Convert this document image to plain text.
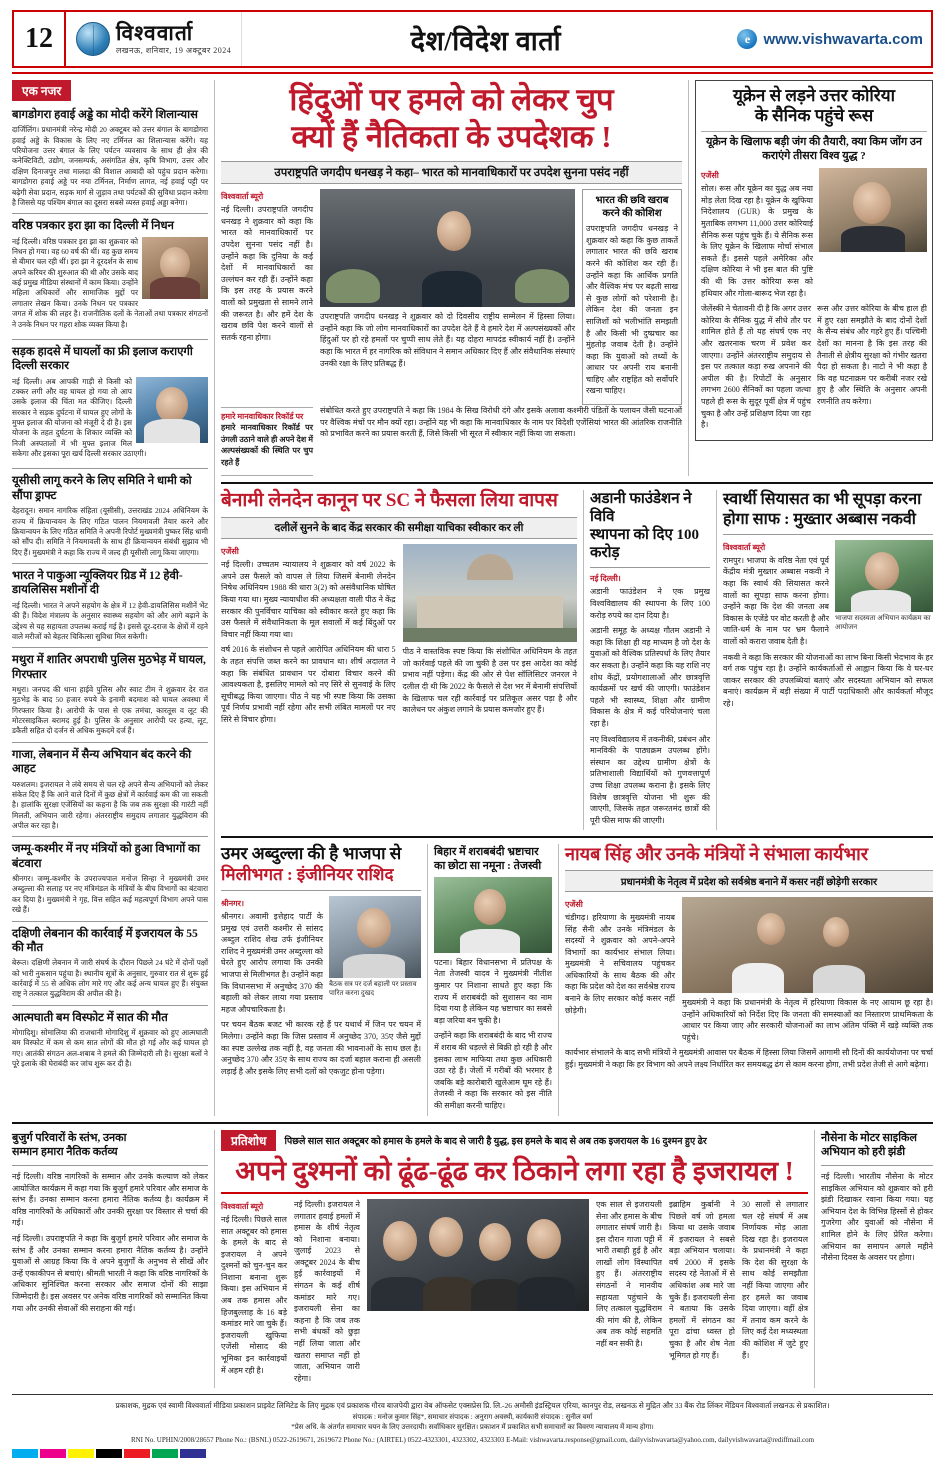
12	विश्ववार्ता
लखनऊ, शनिवार, 19 अक्टूबर 2024	देश/विदेश वार्ता	e www.vishwavarta.com
एक नजर
बागडोगरा हवाई अड्डे का मोदी करेंगे शिलान्यास

दार्जिलिंग। प्रधानमंत्री नरेन्द्र मोदी 20 अक्टूबर को उत्तर बंगाल के बागडोगरा हवाई अड्डे के विकास के लिए नए टर्मिनल का शिलान्यास करेंगे। यह परियोजना उत्तर बंगाल के लिए पर्यटन व्यवसाय के साथ ही क्षेत्र की कनेक्टिविटी, उद्योग, जनसम्पर्क, असंगठित क्षेत्र, कृषि विभाग, उत्तर और दक्षिण दिनाजपुर तथा मालदा की विशाल आबादी को पहुंच प्रदान करेगा। बागडोगरा हवाई अड्डे पर नया टर्मिनल, निर्माण लागत, नई हवाई पट्टी पर बढ़ेगी सेवा प्रदान, सड़क मार्ग से जुड़ाव तथा पर्यटकों की सुविधा प्रदान करेगा है जिससे यह पश्चिम बंगाल का दूसरा सबसे व्यस्त हवाई अड्डा बनेगा।

वरिष्ठ पत्रकार इरा झा का दिल्ली में निधन

नई दिल्ली। वरिष्ठ पत्रकार इरा झा का शुक्रवार को निधन हो गया। वह 60 वर्ष की थीं। वह कुछ समय से बीमार चल रही थीं। इरा झा ने दूरदर्शन के साथ अपने करियर की शुरुआत की थी और उसके बाद कई प्रमुख मीडिया संस्थानों में काम किया। उन्होंने महिला अधिकारों और सामाजिक मुद्दों पर लगातार लेखन किया। उनके निधन पर पत्रकार जगत में शोक की लहर है। राजनीतिक दलों के नेताओं तथा पत्रकार संगठनों ने उनके निधन पर गहरा शोक व्यक्त किया है।

सड़क हादसे में घायलों का फ्री इलाज कराएगी दिल्ली सरकार

नई दिल्ली। अब आपकी गाड़ी से किसी को टक्कर लगी और वह घायल हो गया तो आप उसके इलाज की चिंता मत कीजिए। दिल्ली सरकार ने सड़क दुर्घटना में घायल हुए लोगों के मुफ्त इलाज की योजना को मंजूरी दे दी है। इस योजना के तहत दुर्घटना के शिकार व्यक्ति को निजी अस्पतालों में भी मुफ्त इलाज मिल सकेगा और इसका पूरा खर्च दिल्ली सरकार उठाएगी।

यूसीसी लागू करने के लिए समिति ने धामी को सौंपा ड्राफ्ट

देहरादून। समान नागरिक संहिता (यूसीसी), उत्तराखंड 2024 अधिनियम के राज्य में क्रियान्वयन के लिए गठित पालन नियमावली तैयार करने और क्रियान्वयन के लिए गठित समिति ने अपनी रिपोर्ट मुख्यमंत्री पुष्कर सिंह धामी को सौंप दी। समिति ने नियमावली के साथ ही क्रियान्वयन संबंधी सुझाव भी दिए हैं। मुख्यमंत्री ने कहा कि राज्य में जल्द ही यूसीसी लागू किया जाएगा।

भारत ने पाकुआ न्यूक्लियर ग्रिड में 12 हेवी-डायलिसिस मशीनों दी

नई दिल्ली। भारत ने अपने सहयोग के क्षेत्र में 12 हेवी-डायलिसिस मशीनें भेंट की हैं। विदेश मंत्रालय के अनुसार स्वास्थ्य सहयोग को और आगे बढ़ाने के उद्देश्य से यह सहायता उपलब्ध कराई गई है। इससे दूर-दराज के क्षेत्रों में रहने वाले मरीजों को बेहतर चिकित्सा सुविधा मिल सकेगी।

मथुरा में शातिर अपराधी पुलिस मुठभेड़ में घायल, गिरफ्तार

मथुरा। जनपद की थाना हाईवे पुलिस और स्वाट टीम ने शुक्रवार देर रात मुठभेड़ के बाद 50 हजार रुपये के इनामी बदमाश को घायल अवस्था में गिरफ्तार किया है। आरोपी के पास से एक तमंचा, कारतूस व लूट की मोटरसाइकिल बरामद हुई है। पुलिस के अनुसार आरोपी पर हत्या, लूट, डकैती सहित दो दर्जन से अधिक मुकदमे दर्ज हैं।

गाजा, लेबनान में सैन्य अभियान बंद करने की आहट

यरुशलम। इजरायल ने लंबे समय से चल रहे अपने सैन्य अभियानों को लेकर संकेत दिए हैं कि आने वाले दिनों में कुछ क्षेत्रों में कार्रवाई कम की जा सकती है। हालांकि सुरक्षा एजेंसियों का कहना है कि जब तक सुरक्षा की गारंटी नहीं मिलती, अभियान जारी रहेगा। अंतरराष्ट्रीय समुदाय लगातार युद्धविराम की अपील कर रहा है।

जम्मू-कश्मीर में नए मंत्रियों को हुआ विभागों का बंटवारा

श्रीनगर। जम्मू-कश्मीर के उपराज्यपाल मनोज सिन्हा ने मुख्यमंत्री उमर अब्दुल्ला की सलाह पर नए मंत्रिमंडल के मंत्रियों के बीच विभागों का बंटवारा कर दिया है। मुख्यमंत्री ने गृह, वित्त सहित कई महत्वपूर्ण विभाग अपने पास रखे हैं।

दक्षिणी लेबनान की कार्रवाई में इजरायल के 55 की मौत

बेरूत। दक्षिणी लेबनान में जारी संघर्ष के दौरान पिछले 24 घंटे में दोनों पक्षों को भारी नुकसान पहुंचा है। स्थानीय सूत्रों के अनुसार, गुरुवार रात से शुरू हुई कार्रवाई में 55 से अधिक लोग मारे गए और कई अन्य घायल हुए हैं। संयुक्त राष्ट्र ने तत्काल युद्धविराम की अपील की है।

आत्मघाती बम विस्फोट में सात की मौत

मोगादिशु। सोमालिया की राजधानी मोगादिशु में शुक्रवार को हुए आत्मघाती बम विस्फोट में कम से कम सात लोगों की मौत हो गई और कई घायल हो गए। आतंकी संगठन अल-शबाब ने हमले की जिम्मेदारी ली है। सुरक्षा बलों ने पूरे इलाके की घेराबंदी कर जांच शुरू कर दी है।

हिंदुओं पर हमले को लेकर चुप
क्यों हैं नैतिकता के उपदेशक !
उपराष्ट्रपति जगदीप धनखड़ ने कहा– भारत को मानवाधिकारों पर उपदेश सुनना पसंद नहीं
विश्ववार्ता ब्यूरो

नई दिल्ली। उपराष्ट्रपति जगदीप धनखड़ ने शुक्रवार को कहा कि भारत को मानवाधिकारों पर उपदेश सुनना पसंद नहीं है। उन्होंने कहा कि दुनिया के कई देशों में मानवाधिकारों का उल्लंघन कर रही हैं। उन्होंने कहा कि इस तरह के प्रयास करने वालों को प्रमुखता से सामने लाने की जरूरत है। और हमें देश के खराब छवि पेश करने वालों से सतर्क रहना होगा।

उपराष्ट्रपति जगदीप धनखड़ ने शुक्रवार को दो दिवसीय राष्ट्रीय सम्मेलन में हिस्सा लिया। उन्होंने कहा कि जो लोग मानवाधिकारों का उपदेश देते हैं वे हमारे देश में अल्पसंख्यकों और हिंदुओं पर हो रहे हमलों पर चुप्पी साध लेते हैं। यह दोहरा मापदंड स्वीकार्य नहीं है। उन्होंने कहा कि भारत में हर नागरिक को संविधान ने समान अधिकार दिए हैं और संवैधानिक संस्थाएं उनकी रक्षा के लिए प्रतिबद्ध हैं।

भारत की छवि खराब करने की कोशिश

उपराष्ट्रपति जगदीप धनखड़ ने शुक्रवार को कहा कि कुछ ताकतें लगातार भारत की छवि खराब करने की कोशिश कर रही हैं। उन्होंने कहा कि आर्थिक प्रगति और वैश्विक मंच पर बढ़ती साख से कुछ लोगों को परेशानी है। लेकिन देश की जनता इन साजिशों को भलीभांति समझती है और किसी भी दुष्प्रचार का मुंहतोड़ जवाब देती है। उन्होंने कहा कि युवाओं को तथ्यों के आधार पर अपनी राय बनानी चाहिए और राष्ट्रहित को सर्वोपरि रखना चाहिए।

हमारे मानवाधिकार रिकॉर्ड पर

हमारे मानवाधिकार रिकॉर्ड पर उंगली उठाने वाले ही अपने देश में अल्पसंख्यकों की स्थिति पर चुप रहते हैं

संबोधित करते हुए उपराष्ट्रपति ने कहा कि 1984 के सिख विरोधी दंगे और इसके अलावा कश्मीरी पंडितों के पलायन जैसी घटनाओं पर वैश्विक मंचों पर मौन क्यों रहा। उन्होंने यह भी कहा कि मानवाधिकार के नाम पर विदेशी एजेंसियां भारत की आंतरिक राजनीति को प्रभावित करने का प्रयास करती हैं, जिसे किसी भी सूरत में स्वीकार नहीं किया जा सकता।

यूक्रेन से लड़ने उत्तर कोरिया
के सैनिक पहुंचे रूस
यूक्रेन के खिलाफ बड़ी जंग की तैयारी, क्या किम जोंग उन कराएंगे तीसरा विश्व युद्ध ?
एजेंसी

सोल। रूस और यूक्रेन का युद्ध अब नया मोड़ लेता दिख रहा है। यूक्रेन के खुफिया निदेशालय (GUR) के प्रमुख के मुताबिक लगभग 11,000 उत्तर कोरियाई सैनिक रूस पहुंच चुके हैं। ये सैनिक रूस के लिए यूक्रेन के खिलाफ मोर्चा संभाल सकते हैं। इससे पहले अमेरिका और दक्षिण कोरिया ने भी इस बात की पुष्टि की थी कि उत्तर कोरिया रूस को हथियार और गोला-बारूद भेज रहा है।

जेलेंस्की ने चेतावनी दी है कि अगर उत्तर कोरिया के सैनिक युद्ध में सीधे तौर पर शामिल होते हैं तो यह संघर्ष एक नए और खतरनाक चरण में प्रवेश कर जाएगा। उन्होंने अंतरराष्ट्रीय समुदाय से इस पर तत्काल कड़ा रुख अपनाने की अपील की है। रिपोर्टों के अनुसार लगभग 2600 सैनिकों का पहला जत्था पहले ही रूस के सुदूर पूर्वी क्षेत्र में पहुंच चुका है और उन्हें प्रशिक्षण दिया जा रहा है।

रूस और उत्तर कोरिया के बीच हाल ही में हुए रक्षा समझौते के बाद दोनों देशों के सैन्य संबंध और गहरे हुए हैं। पश्चिमी देशों का मानना है कि इस तरह की तैनाती से क्षेत्रीय सुरक्षा को गंभीर खतरा पैदा हो सकता है। नाटो ने भी कहा है कि वह घटनाक्रम पर करीबी नजर रखे हुए है और स्थिति के अनुसार अपनी रणनीति तय करेगा।

बेनामी लेनदेन कानून पर SC ने फैसला लिया वापस
दलीलें सुनने के बाद केंद्र सरकार की समीक्षा याचिका स्वीकार कर ली
एजेंसी

नई दिल्ली। उच्चतम न्यायालय ने शुक्रवार को वर्ष 2022 के अपने उस फैसले को वापस ले लिया जिसमें बेनामी लेनदेन निषेध अधिनियम 1988 की धारा 3(2) को असंवैधानिक घोषित किया गया था। मुख्य न्यायाधीश की अध्यक्षता वाली पीठ ने केंद्र सरकार की पुनर्विचार याचिका को स्वीकार करते हुए कहा कि उस फैसले में संवैधानिकता के मूल सवालों में कई बिंदुओं पर विचार नहीं किया गया था।

वर्ष 2016 के संशोधन से पहले आरोपित अधिनियम की धारा 5 के तहत संपत्ति जब्त करने का प्रावधान था। शीर्ष अदालत ने कहा कि संबंधित प्रावधान पर दोबारा विचार करने की आवश्यकता है, इसलिए मामले को नए सिरे से सुनवाई के लिए सूचीबद्ध किया जाएगा। पीठ ने यह भी स्पष्ट किया कि उसका पूर्व निर्णय प्रभावी नहीं रहेगा और सभी लंबित मामलों पर नए सिरे से विचार होगा।

पीठ ने वास्तविक स्पष्ट किया कि संशोधित अधिनियम के तहत जो कार्रवाई पहले की जा चुकी है उस पर इस आदेश का कोई प्रभाव नहीं पड़ेगा। केंद्र की ओर से पेश सॉलिसिटर जनरल ने दलील दी थी कि 2022 के फैसले से देश भर में बेनामी संपत्तियों के खिलाफ चल रही कार्रवाई पर प्रतिकूल असर पड़ा है और कालेधन पर अंकुश लगाने के प्रयास कमजोर हुए हैं।

अडानी फाउंडेशन ने विवि
स्थापना को दिए 100 करोड़
नई दिल्ली।

अडानी फाउंडेशन ने एक प्रमुख विश्वविद्यालय की स्थापना के लिए 100 करोड़ रुपये का दान दिया है।

अडानी समूह के अध्यक्ष गौतम अडानी ने कहा कि शिक्षा ही वह माध्यम है जो देश के युवाओं को वैश्विक प्रतिस्पर्धा के लिए तैयार कर सकता है। उन्होंने कहा कि यह राशि नए शोध केंद्रों, प्रयोगशालाओं और छात्रवृत्ति कार्यक्रमों पर खर्च की जाएगी। फाउंडेशन पहले भी स्वास्थ्य, शिक्षा और ग्रामीण विकास के क्षेत्र में कई परियोजनाएं चला रहा है।

नए विश्वविद्यालय में तकनीकी, प्रबंधन और मानविकी के पाठ्यक्रम उपलब्ध होंगे। संस्थान का उद्देश्य ग्रामीण क्षेत्रों के प्रतिभाशाली विद्यार्थियों को गुणवत्तापूर्ण उच्च शिक्षा उपलब्ध कराना है। इसके लिए विशेष छात्रवृत्ति योजना भी शुरू की जाएगी, जिसके तहत जरूरतमंद छात्रों की पूरी फीस माफ की जाएगी।

स्वार्थी सियासत का भी सूपड़ा करना
होगा साफ : मुख्तार अब्बास नकवी
विश्ववार्ता ब्यूरो

रामपुर। भाजपा के वरिष्ठ नेता एवं पूर्व केंद्रीय मंत्री मुख्तार अब्बास नकवी ने कहा कि स्वार्थ की सियासत करने वालों का सूपड़ा साफ करना होगा। उन्होंने कहा कि देश की जनता अब विकास के एजेंडे पर वोट करती है और जाति-धर्म के नाम पर भ्रम फैलाने वालों को करारा जवाब देती है।

भाजपा सदस्यता अभियान कार्यक्रम का आयोजन

नकवी ने कहा कि सरकार की योजनाओं का लाभ बिना किसी भेदभाव के हर वर्ग तक पहुंच रहा है। उन्होंने कार्यकर्ताओं से आह्वान किया कि वे घर-घर जाकर सरकार की उपलब्धियां बताएं और सदस्यता अभियान को सफल बनाएं। कार्यक्रम में बड़ी संख्या में पार्टी पदाधिकारी और कार्यकर्ता मौजूद रहे।

उमर अब्दुल्ला की है भाजपा से
मिलीभगत : इंजीनियर राशिद
श्रीनगर।

श्रीनगर। अवामी इत्तेहाद पार्टी के प्रमुख एवं उत्तरी कश्मीर से सांसद अब्दुल राशिद शेख उर्फ इंजीनियर राशिद ने मुख्यमंत्री उमर अब्दुल्ला को घेरते हुए आरोप लगाया कि उनकी भाजपा से मिलीभगत है। उन्होंने कहा कि विधानसभा में अनुच्छेद 370 की बहाली को लेकर लाया गया प्रस्ताव महज औपचारिकता है।

बैठक सत्र पर दर्ज बहाली पर प्रस्ताव पारित करना दुखद

पर चयन बैठक बजट भी कारक रहे हैं पर यथार्थ में जिन पर चयन में मिलेगा। उन्होंने कहा कि जिस प्रस्ताव में अनुच्छेद 370, 35ए जैसे मुद्दों का स्पष्ट उल्लेख तक नहीं है, वह जनता की भावनाओं के साथ छल है। अनुच्छेद 370 और 35ए के साथ राज्य का दर्जा बहाल कराना ही असली लड़ाई है और इसके लिए सभी दलों को एकजुट होना पड़ेगा।

बिहार में शराबबंदी भ्रष्टाचार का छोटा सा नमूना : तेजस्वी

पटना। बिहार विधानसभा में प्रतिपक्ष के नेता तेजस्वी यादव ने मुख्यमंत्री नीतीश कुमार पर निशाना साधते हुए कहा कि राज्य में शराबबंदी को सुशासन का नाम दिया गया है लेकिन यह भ्रष्टाचार का सबसे बड़ा जरिया बन चुकी है।

उन्होंने कहा कि शराबबंदी के बाद भी राज्य में शराब की धड़ल्ले से बिक्री हो रही है और इसका लाभ माफिया तथा कुछ अधिकारी उठा रहे हैं। जेलों में गरीबों की भरमार है जबकि बड़े कारोबारी खुलेआम घूम रहे हैं। तेजस्वी ने कहा कि सरकार को इस नीति की समीक्षा करनी चाहिए।

नायब सिंह और उनके मंत्रियों ने संभाला कार्यभार
प्रधानमंत्री के नेतृत्व में प्रदेश को सर्वश्रेष्ठ बनाने में कसर नहीं छोड़ेगी सरकार
एजेंसी

चंडीगढ़। हरियाणा के मुख्यमंत्री नायब सिंह सैनी और उनके मंत्रिमंडल के सदस्यों ने शुक्रवार को अपने-अपने विभागों का कार्यभार संभाल लिया। मुख्यमंत्री ने सचिवालय पहुंचकर अधिकारियों के साथ बैठक की और कहा कि प्रदेश को देश का सर्वश्रेष्ठ राज्य बनाने के लिए सरकार कोई कसर नहीं छोड़ेगी।

मुख्यमंत्री ने कहा कि प्रधानमंत्री के नेतृत्व में हरियाणा विकास के नए आयाम छू रहा है। उन्होंने अधिकारियों को निर्देश दिए कि जनता की समस्याओं का निस्तारण प्राथमिकता के आधार पर किया जाए और सरकारी योजनाओं का लाभ अंतिम पंक्ति में खड़े व्यक्ति तक पहुंचे।

कार्यभार संभालने के बाद सभी मंत्रियों ने मुख्यमंत्री आवास पर बैठक में हिस्सा लिया जिसमें आगामी सौ दिनों की कार्ययोजना पर चर्चा हुई। मुख्यमंत्री ने कहा कि हर विभाग को अपने लक्ष्य निर्धारित कर समयबद्ध ढंग से काम करना होगा, तभी प्रदेश तेजी से आगे बढ़ेगा।

बुजुर्ग परिवारों के स्तंभ, उनका
सम्मान हमारा नैतिक कर्तव्य

नई दिल्ली। वरिष्ठ नागरिकों के सम्मान और उनके कल्याण को लेकर आयोजित कार्यक्रम में कहा गया कि बुजुर्ग हमारे परिवार और समाज के स्तंभ हैं। उनका सम्मान करना हमारा नैतिक कर्तव्य है। कार्यक्रम में वरिष्ठ नागरिकों के अधिकारों और उनकी सुरक्षा पर विस्तार से चर्चा की गई।

नई दिल्ली। उपराष्ट्रपति ने कहा कि बुजुर्ग हमारे परिवार और समाज के स्तंभ हैं और उनका सम्मान करना हमारा नैतिक कर्तव्य है। उन्होंने युवाओं से आग्रह किया कि वे अपने बुजुर्गों के अनुभव से सीखें और उन्हें एकाकीपन से बचाएं। श्रीमती भारती ने कहा कि वरिष्ठ नागरिकों के अधिकार सुनिश्चित करना सरकार और समाज दोनों की साझा जिम्मेदारी है। इस अवसर पर अनेक वरिष्ठ नागरिकों को सम्मानित किया गया और उनकी सेवाओं की सराहना की गई।

प्रतिशोध	पिछले साल सात अक्टूबर को हमास के हमले के बाद से जारी है युद्ध, इस हमले के बाद से अब तक इजरायल के 16 दुश्मन हुए ढेर
अपने दुश्मनों को ढूंढ-ढूंढ कर ठिकाने लगा रहा है इजरायल !
विश्ववार्ता ब्यूरो

नई दिल्ली। पिछले साल सात अक्टूबर को हमास के हमले के बाद से इजरायल ने अपने दुश्मनों को चुन-चुन कर निशाना बनाना शुरू किया। इस अभियान में अब तक हमास और हिजबुल्लाह के 16 बड़े कमांडर मारे जा चुके हैं। इजरायली खुफिया एजेंसी मोसाद की भूमिका इन कार्रवाइयों में अहम रही है।

नई दिल्ली। इजरायल ने लगातार हवाई हमलों में हमास के शीर्ष नेतृत्व को निशाना बनाया। जुलाई 2023 से अक्टूबर 2024 के बीच हुई कार्रवाइयों में संगठन के कई शीर्ष कमांडर मारे गए। इजरायली सेना का कहना है कि जब तक सभी बंधकों को छुड़ा नहीं लिया जाता और खतरा समाप्त नहीं हो जाता, अभियान जारी रहेगा।

एक साल से इजरायली सेना और हमास के बीच लगातार संघर्ष जारी है। इस दौरान गाजा पट्टी में भारी तबाही हुई है और लाखों लोग विस्थापित हुए हैं। अंतरराष्ट्रीय संगठनों ने मानवीय सहायता पहुंचाने के लिए तत्काल युद्धविराम की मांग की है, लेकिन अब तक कोई सहमति नहीं बन सकी है।

इब्राहिम कुर्बानी ने पिछले वर्ष जो हमला किया था उसके जवाब में इजरायल ने सबसे बड़ा अभियान चलाया। वर्ष 2000 में इसके सदस्य रहे नेताओं में से अधिकांश अब मारे जा चुके हैं। इजरायली सेना ने बताया कि उसके हमलों में संगठन का पूरा ढांचा ध्वस्त हो चुका है और शेष नेता भूमिगत हो गए हैं।

30 सालों से लगातार चल रहे संघर्ष में अब निर्णायक मोड़ आता दिख रहा है। इजरायल के प्रधानमंत्री ने कहा कि देश की सुरक्षा के साथ कोई समझौता नहीं किया जाएगा और हर हमले का जवाब दिया जाएगा। वहीं क्षेत्र में तनाव कम करने के लिए कई देश मध्यस्थता की कोशिश में जुटे हुए हैं।

नौसेना के मोटर साइकिल
अभियान को हरी झंडी

नई दिल्ली। भारतीय नौसेना के मोटर साइकिल अभियान को शुक्रवार को हरी झंडी दिखाकर रवाना किया गया। यह अभियान देश के विभिन्न हिस्सों से होकर गुजरेगा और युवाओं को नौसेना में शामिल होने के लिए प्रेरित करेगा। अभियान का समापन अगले महीने नौसेना दिवस के अवसर पर होगा।

प्रकाशक, मुद्रक एवं स्वामी विश्ववार्ता मीडिया प्रकाशन प्राइवेट लिमिटेड के लिए मुद्रक एवं प्रकाशक गौरव बाजपेयी द्वारा वेब ऑफसेट एक्सप्रेस प्रि. लि.-26 अमौसी इंडस्ट्रियल एरिया, कानपुर रोड, लखनऊ से मुद्रित और 33 बैंक रोड लिंकर मेंडियन विश्ववार्ता लखनऊ से प्रकाशित।
संपादक : मनोज कुमार सिंह*, समाचार संपादक : अनुराग अवस्थी, कार्यकारी संपादक : सुनील वर्मा
*प्रेस अधि. के अंतर्गत समाचार चयन के लिए उत्तरदायी। सर्वाधिकार सुरक्षित। प्रकाशन में प्रकाशित सभी समाचारों का विवरण न्यायालय में मान्य होगा।
RNI No. UPHIN/2008/28657 Phone No.: (BSNL) 0522-2619671, 2619672 Phone No.: (AIRTEL) 0522-4323301, 4323302, 4323303 E-Mail: vishwavarta.response@gmail.com, dailyvishwavarta@yahoo.com, dailyvishwavarta@rediffmail.com
